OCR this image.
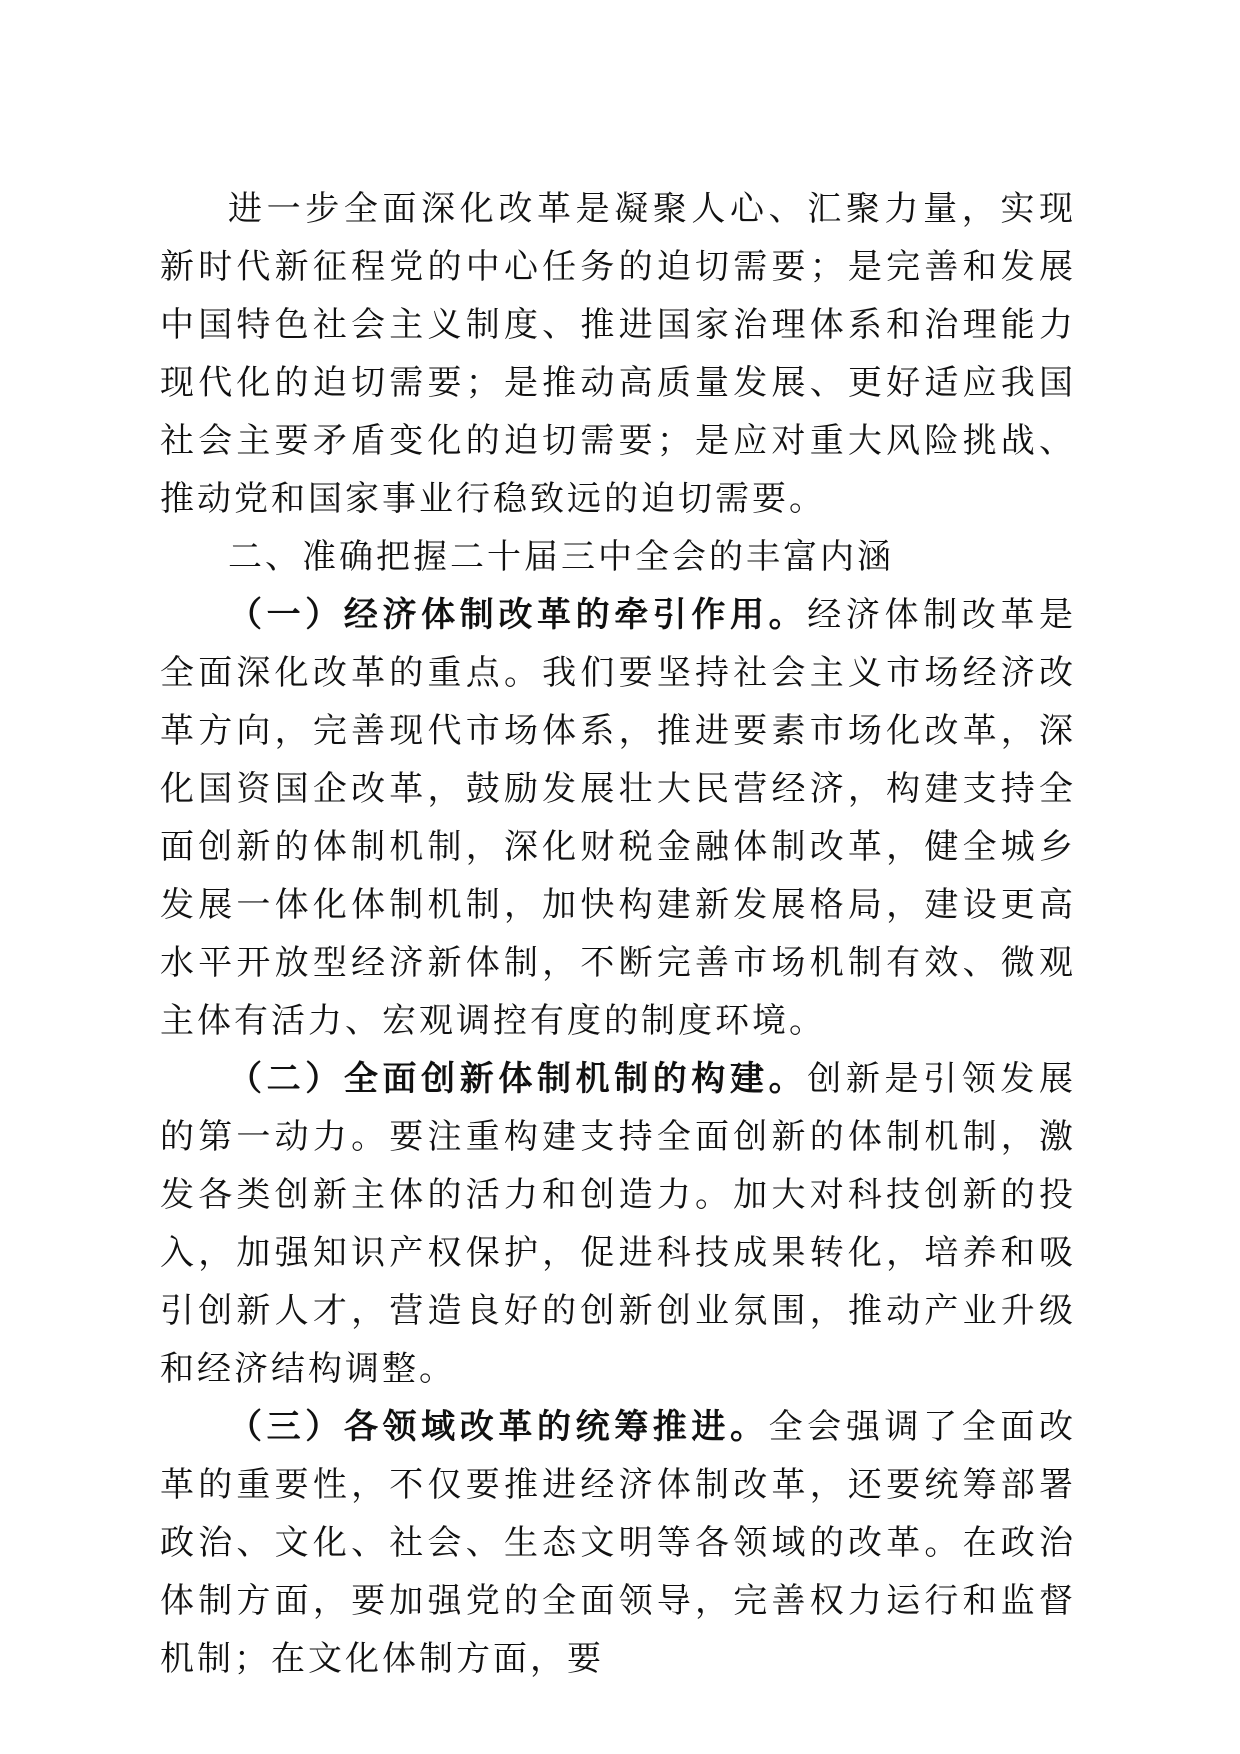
进一步全面深化改革是凝聚人心、汇聚力量，实现新时代新征程党的中心任务的迫切需要；是完善和发展中国特色社会主义制度、推进国家治理体系和治理能力现代化的迫切需要；是推动高质量发展、更好适应我国社会主要矛盾变化的迫切需要；是应对重大风险挑战、推动党和国家事业行稳致远的迫切需要。

二、准确把握二十届三中全会的丰富内涵

（一）经济体制改革的牵引作用。经济体制改革是全面深化改革的重点。我们要坚持社会主义市场经济改革方向，完善现代市场体系，推进要素市场化改革，深化国资国企改革，鼓励发展壮大民营经济，构建支持全面创新的体制机制，深化财税金融体制改革，健全城乡发展一体化体制机制，加快构建新发展格局，建设更高水平开放型经济新体制，不断完善市场机制有效、微观主体有活力、宏观调控有度的制度环境。

（二）全面创新体制机制的构建。创新是引领发展的第一动力。要注重构建支持全面创新的体制机制，激发各类创新主体的活力和创造力。加大对科技创新的投入，加强知识产权保护，促进科技成果转化，培养和吸引创新人才，营造良好的创新创业氛围，推动产业升级和经济结构调整。

（三）各领域改革的统筹推进。全会强调了全面改革的重要性，不仅要推进经济体制改革，还要统筹部署政治、文化、社会、生态文明等各领域的改革。在政治体制方面，要加强党的全面领导，完善权力运行和监督机制；在文化体制方面，要
